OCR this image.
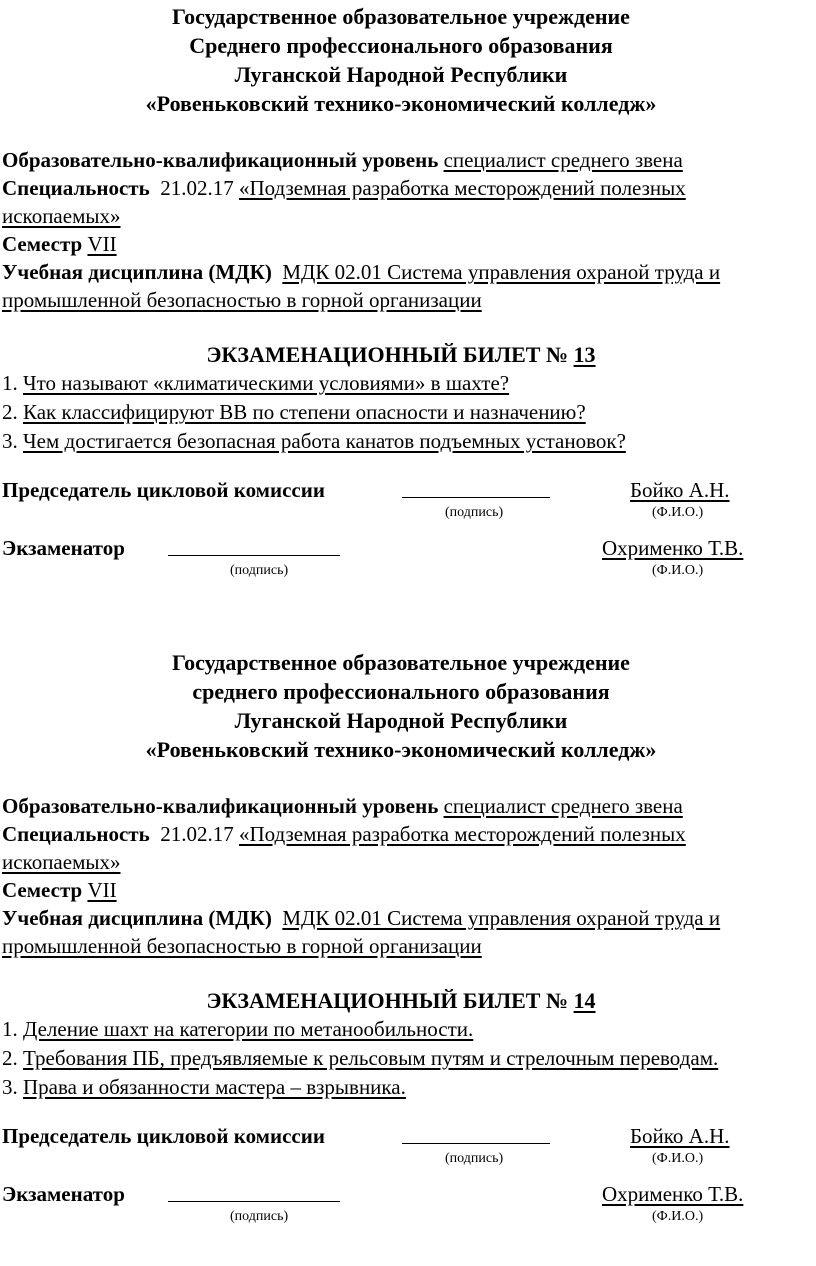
Государственное образовательное учреждение
Среднего профессионального образования
Луганской Народной Республики
«Ровеньковский технико-экономический колледж»
Образовательно-квалификационный уровень специалист среднего звена
Специальность 21.02.17 «Подземная разработка месторождений полезных ископаемых»
Семестр VII
Учебная дисциплина (МДК) МДК 02.01 Система управления охраной труда и промышленной безопасностью в горной организации
ЭКЗАМЕНАЦИОННЫЙ БИЛЕТ № 13
1. Что называют «климатическими условиями» в шахте?
2. Как классифицируют ВВ по степени опасности и назначению?
3. Чем достигается безопасная работа канатов подъемных установок?
Председатель цикловой комиссии
(подпись)
Бойко А.Н.
(Ф.И.О.)
Экзаменатор
(подпись)
Охрименко Т.В.
(Ф.И.О.)
Государственное образовательное учреждение
среднего профессионального образования
Луганской Народной Республики
«Ровеньковский технико-экономический колледж»
Образовательно-квалификационный уровень специалист среднего звена
Специальность 21.02.17 «Подземная разработка месторождений полезных ископаемых»
Семестр VII
Учебная дисциплина (МДК) МДК 02.01 Система управления охраной труда и промышленной безопасностью в горной организации
ЭКЗАМЕНАЦИОННЫЙ БИЛЕТ № 14
1. Деление шахт на категории по метанообильности.
2. Требования ПБ, предъявляемые к рельсовым путям и стрелочным переводам.
3. Права и обязанности мастера – взрывника.
Председатель цикловой комиссии
(подпись)
Бойко А.Н.
(Ф.И.О.)
Экзаменатор
(подпись)
Охрименко Т.В.
(Ф.И.О.)
